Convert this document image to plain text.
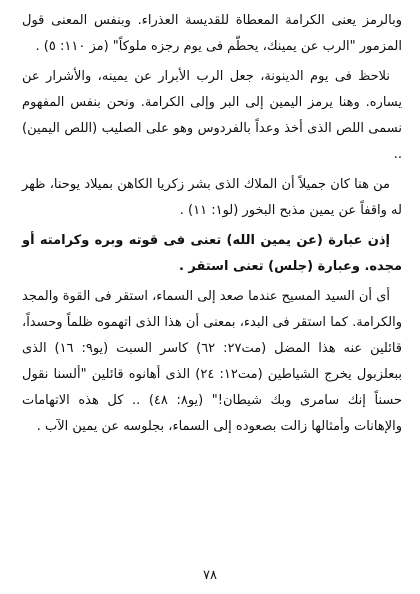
وبالرمز يعنى الكرامة المعطاة للقديسة العذراء. وبنفس المعنى قول المزمور "الرب عن يمينك، يحطّم فى يوم رجزه ملوكاً" (مز ١١٠: ٥) .

نلاحظ فى يوم الدينونة، جعل الرب الأبرار عن يمينه، والأشرار عن يساره. وهنا يرمز اليمين إلى البر وإلى الكرامة. ونحن بنفس المفهوم نسمى اللص الذى أخذ وعداً بالفردوس وهو على الصليب (اللص اليمين) ..

من هنا كان جميلاً أن الملاك الذى بشر زكريا الكاهن بميلاد يوحنا، ظهر له واقفاً عن يمين مذبح البخور (لو١: ١١) .

إذن عبارة (عن يمين الله) تعنى فى قوته وبره وكرامته أو مجده. وعبارة (جلس) تعنى استقر .

أى أن السيد المسيح عندما صعد إلى السماء، استقر فى القوة والمجد والكرامة. كما استقر فى البدء، بمعنى أن هذا الذى اتهموه ظلماً وحسداً، قائلين عنه هذا المضل (مت٢٧: ٦٢) كاسر السبت (يو٩: ١٦) الذى ببعلزبول يخرج الشياطين (مت١٢: ٢٤) الذى أهانوه قائلين "ألسنا نقول حسناً إنك سامرى وبك شيطان!" (يو٨: ٤٨) .. كل هذه الاتهامات والإهانات وأمثالها زالت بصعوده إلى السماء، بجلوسه عن يمين الآب .

٧٨
